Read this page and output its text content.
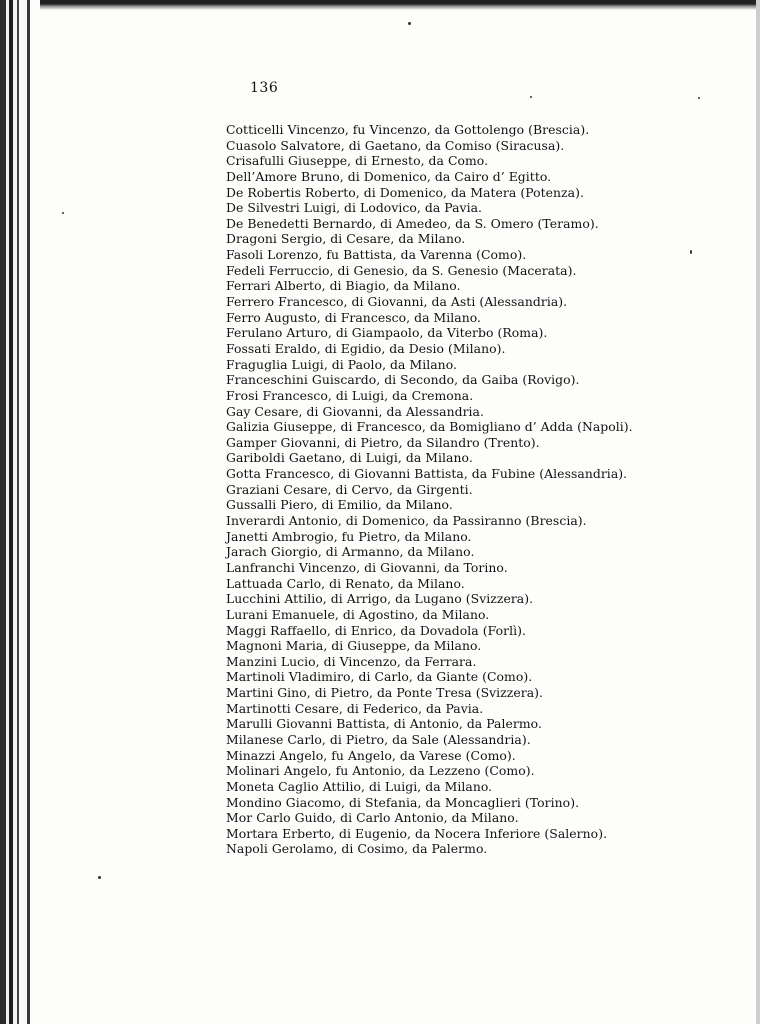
136
Cotticelli Vincenzo, fu Vincenzo, da Gottolengo (Brescia).
Cuasolo Salvatore, di Gaetano, da Comiso (Siracusa).
Crisafulli Giuseppe, di Ernesto, da Como.
Dell’Amore Bruno, di Domenico, da Cairo d’ Egitto.
De Robertis Roberto, di Domenico, da Matera (Potenza).
De Silvestri Luigi, di Lodovico, da Pavia.
De Benedetti Bernardo, di Amedeo, da S. Omero (Teramo).
Dragoni Sergio, di Cesare, da Milano.
Fasoli Lorenzo, fu Battista, da Varenna (Como).
Fedeli Ferruccio, di Genesio, da S. Genesio (Macerata).
Ferrari Alberto, di Biagio, da Milano.
Ferrero Francesco, di Giovanni, da Asti (Alessandria).
Ferro Augusto, di Francesco, da Milano.
Ferulano Arturo, di Giampaolo, da Viterbo (Roma).
Fossati Eraldo, di Egidio, da Desio (Milano).
Fraguglia Luigi, di Paolo, da Milano.
Franceschini Guiscardo, di Secondo, da Gaiba (Rovigo).
Frosi Francesco, di Luigi, da Cremona.
Gay Cesare, di Giovanni, da Alessandria.
Galizia Giuseppe, di Francesco, da Bomigliano d’ Adda (Napoli).
Gamper Giovanni, di Pietro, da Silandro (Trento).
Gariboldi Gaetano, di Luigi, da Milano.
Gotta Francesco, di Giovanni Battista, da Fubine (Alessandria).
Graziani Cesare, di Cervo, da Girgenti.
Gussalli Piero, di Emilio, da Milano.
Inverardi Antonio, di Domenico, da Passiranno (Brescia).
Janetti Ambrogio, fu Pietro, da Milano.
Jarach Giorgio, di Armanno, da Milano.
Lanfranchi Vincenzo, di Giovanni, da Torino.
Lattuada Carlo, di Renato, da Milano.
Lucchini Attilio, di Arrigo, da Lugano (Svizzera).
Lurani Emanuele, di Agostino, da Milano.
Maggi Raffaello, di Enrico, da Dovadola (Forlì).
Magnoni Maria, di Giuseppe, da Milano.
Manzini Lucio, di Vincenzo, da Ferrara.
Martinoli Vladimiro, di Carlo, da Giante (Como).
Martini Gino, di Pietro, da Ponte Tresa (Svizzera).
Martinotti Cesare, di Federico, da Pavia.
Marulli Giovanni Battista, di Antonio, da Palermo.
Milanese Carlo, di Pietro, da Sale (Alessandria).
Minazzi Angelo, fu Angelo, da Varese (Como).
Molinari Angelo, fu Antonio, da Lezzeno (Como).
Moneta Caglio Attilio, di Luigi, da Milano.
Mondino Giacomo, di Stefania, da Moncaglieri (Torino).
Mor Carlo Guido, di Carlo Antonio, da Milano.
Mortara Erberto, di Eugenio, da Nocera Inferiore (Salerno).
Napoli Gerolamo, di Cosimo, da Palermo.
